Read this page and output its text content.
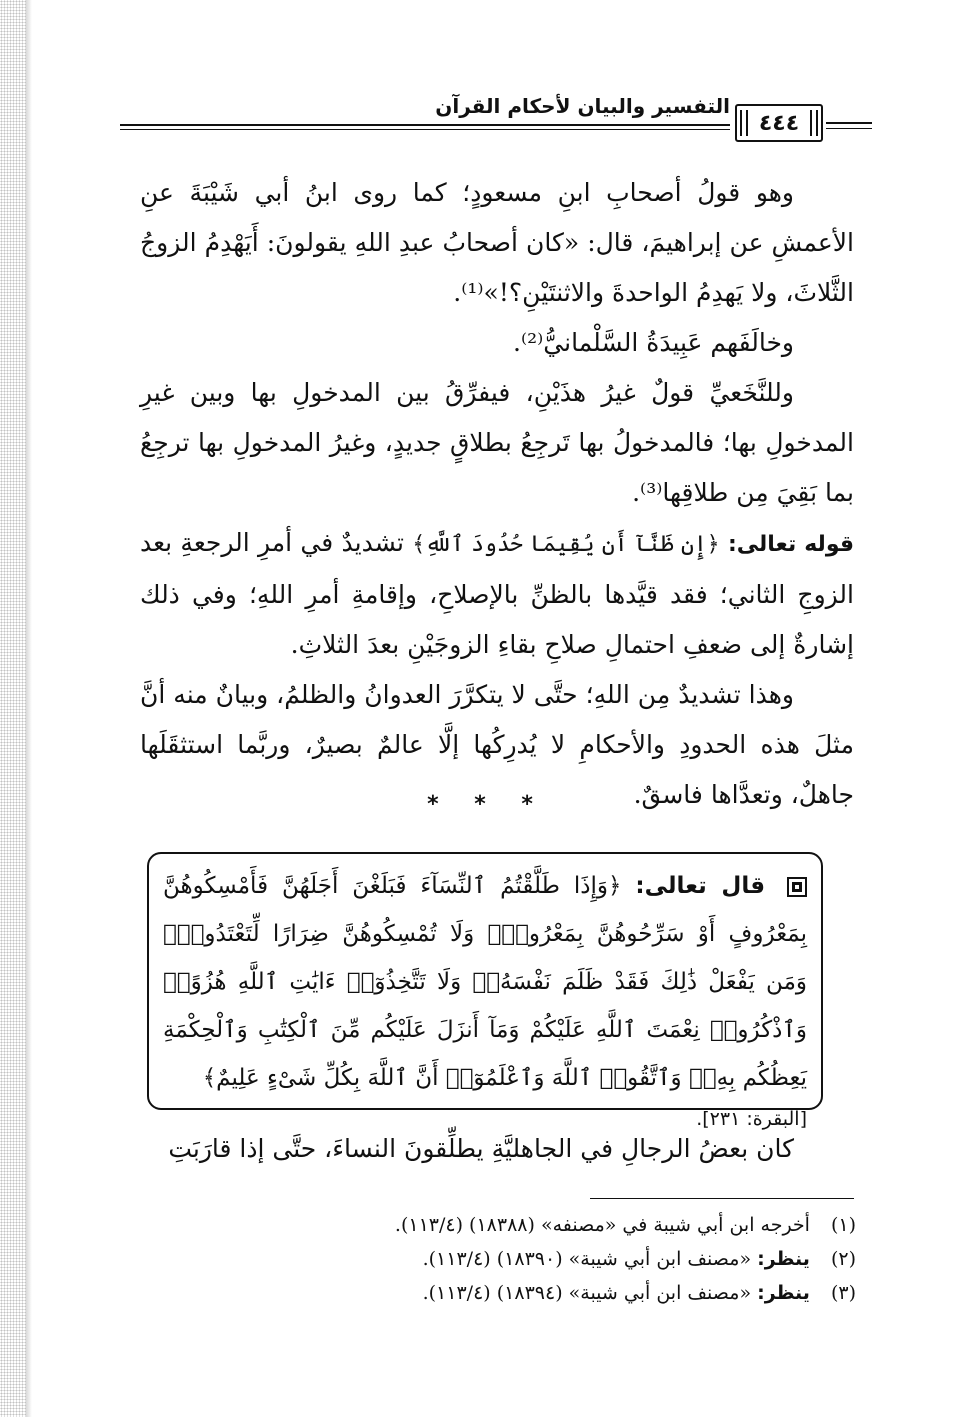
التفسير والبيان لأحكام القرآن
٤٤٤

وهو قولُ أصحابِ ابنِ مسعودٍ؛ كما روى ابنُ أبي شَيْبَةَ عنِ الأعمشِ عن إبراهيمَ، قال: «كان أصحابُ عبدِ اللهِ يقولونَ: أَيَهْدِمُ الزوجُ الثَّلاثَ، ولا يَهدِمُ الواحدةَ والاثنتَيْنِ؟!»⁽¹⁾.

وخالَفَهم عَبِيدَةُ السَّلْمانيُّ⁽²⁾.

وللنَّخَعيِّ قولٌ غيرُ هذَيْنِ، فيفرِّقُ بين المدخولِ بها وبين غيرِ المدخولِ بها؛ فالمدخولُ بها تَرجِعُ بطلاقٍ جديدٍ، وغيرُ المدخولِ بها ترجِعُ بما بَقِيَ مِن طلاقِها⁽³⁾.

قوله تعالى: ﴿إِن ظَنَّآ أَن يُقِيمَا حُدُودَ ٱللَّهِ﴾ تشديدٌ في أمرِ الرجعةِ بعد الزوجِ الثاني؛ فقد قيَّدها بالظنِّ بالإصلاحِ، وإقامةِ أمرِ اللهِ؛ وفي ذلك إشارةٌ إلى ضعفِ احتمالِ صلاحِ بقاءِ الزوجَيْنِ بعدَ الثلاثِ.

وهذا تشديدٌ مِن اللهِ؛ حتَّى لا يتكرَّرَ العدوانُ والظلمُ، وبيانٌ منه أنَّ مثلَ هذه الحدودِ والأحكامِ لا يُدرِكُها إلَّا عالمٌ بصيرٌ، وربَّما استثقَلَها جاهلٌ، وتعدَّاها فاسقٌ.

* * *
قال تعالى: ﴿وَإِذَا طَلَّقْتُمُ ٱلنِّسَآءَ فَبَلَغْنَ أَجَلَهُنَّ فَأَمْسِكُوهُنَّ بِمَعْرُوفٍ أَوْ سَرِّحُوهُنَّ بِمَعْرُوفٍۚ وَلَا تُمْسِكُوهُنَّ ضِرَارًا لِّتَعْتَدُوا۟ۚ وَمَن يَفْعَلْ ذَٰلِكَ فَقَدْ ظَلَمَ نَفْسَهُۥۚ وَلَا تَتَّخِذُوٓا۟ ءَايَٰتِ ٱللَّهِ هُزُوًاۚ وَٱذْكُرُوا۟ نِعْمَتَ ٱللَّهِ عَلَيْكُمْ وَمَآ أَنزَلَ عَلَيْكُم مِّنَ ٱلْكِتَٰبِ وَٱلْحِكْمَةِ يَعِظُكُم بِهِۦۚ وَٱتَّقُوا۟ ٱللَّهَ وَٱعْلَمُوٓا۟ أَنَّ ٱللَّهَ بِكُلِّ شَىْءٍ عَلِيمٌ﴾
[البقرة: ٢٣١].

كان بعضُ الرجالِ في الجاهليَّةِ يطلِّقونَ النساءَ، حتَّى إذا قارَبَتِ

(١) أخرجه ابن أبي شيبة في «مصنفه» (١٨٣٨٨) (١١٣/٤).
(٢) ينظر: «مصنف ابن أبي شيبة» (١٨٣٩٠) (١١٣/٤).
(٣) ينظر: «مصنف ابن أبي شيبة» (١٨٣٩٤) (١١٣/٤).
